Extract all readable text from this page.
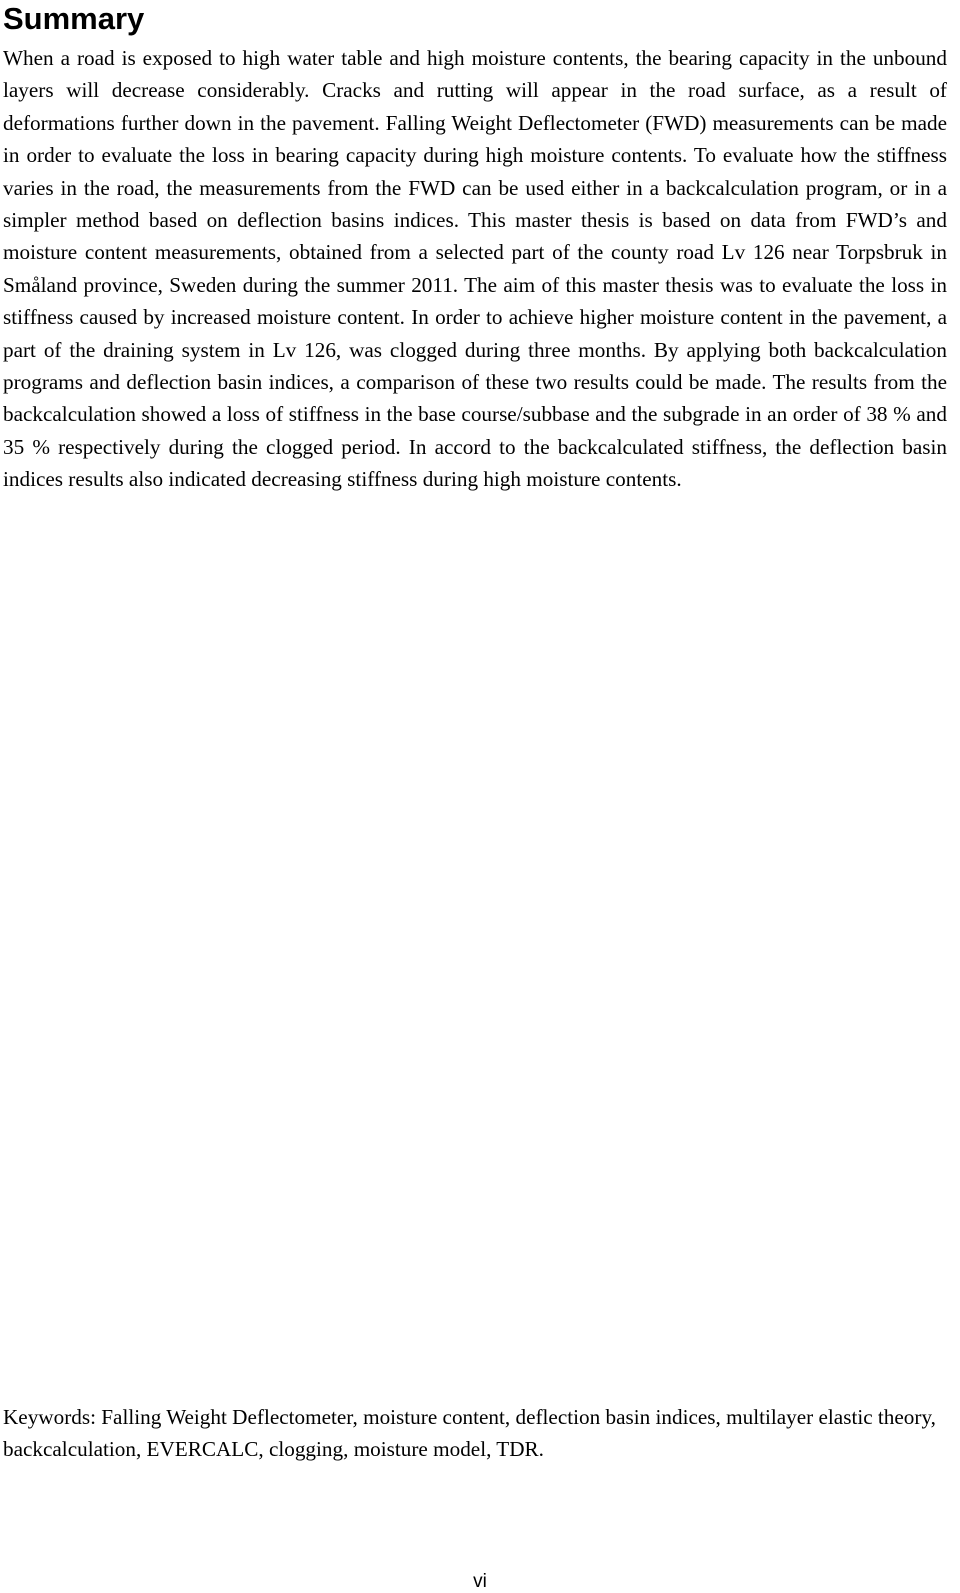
Summary

When a road is exposed to high water table and high moisture contents, the bearing capacity in the unbound layers will decrease considerably. Cracks and rutting will appear in the road surface, as a result of deformations further down in the pavement. Falling Weight Deflectometer (FWD) measurements can be made in order to evaluate the loss in bearing capacity during high moisture contents. To evaluate how the stiffness varies in the road, the measurements from the FWD can be used either in a backcalculation program, or in a simpler method based on deflection basins indices. This master thesis is based on data from FWD’s and moisture content measurements, obtained from a selected part of the county road Lv 126 near Torpsbruk in Småland province, Sweden during the summer 2011. The aim of this master thesis was to evaluate the loss in stiffness caused by increased moisture content. In order to achieve higher moisture content in the pavement, a part of the draining system in Lv 126, was clogged during three months. By applying both backcalculation programs and deflection basin indices, a comparison of these two results could be made. The results from the backcalculation showed a loss of stiffness in the base course/subbase and the subgrade in an order of 38 % and 35 % respectively during the clogged period. In accord to the backcalculated stiffness, the deflection basin indices results also indicated decreasing stiffness during high moisture contents.

Keywords: Falling Weight Deflectometer, moisture content, deflection basin indices, multilayer elastic theory, backcalculation, EVERCALC, clogging, moisture model, TDR.

vi
